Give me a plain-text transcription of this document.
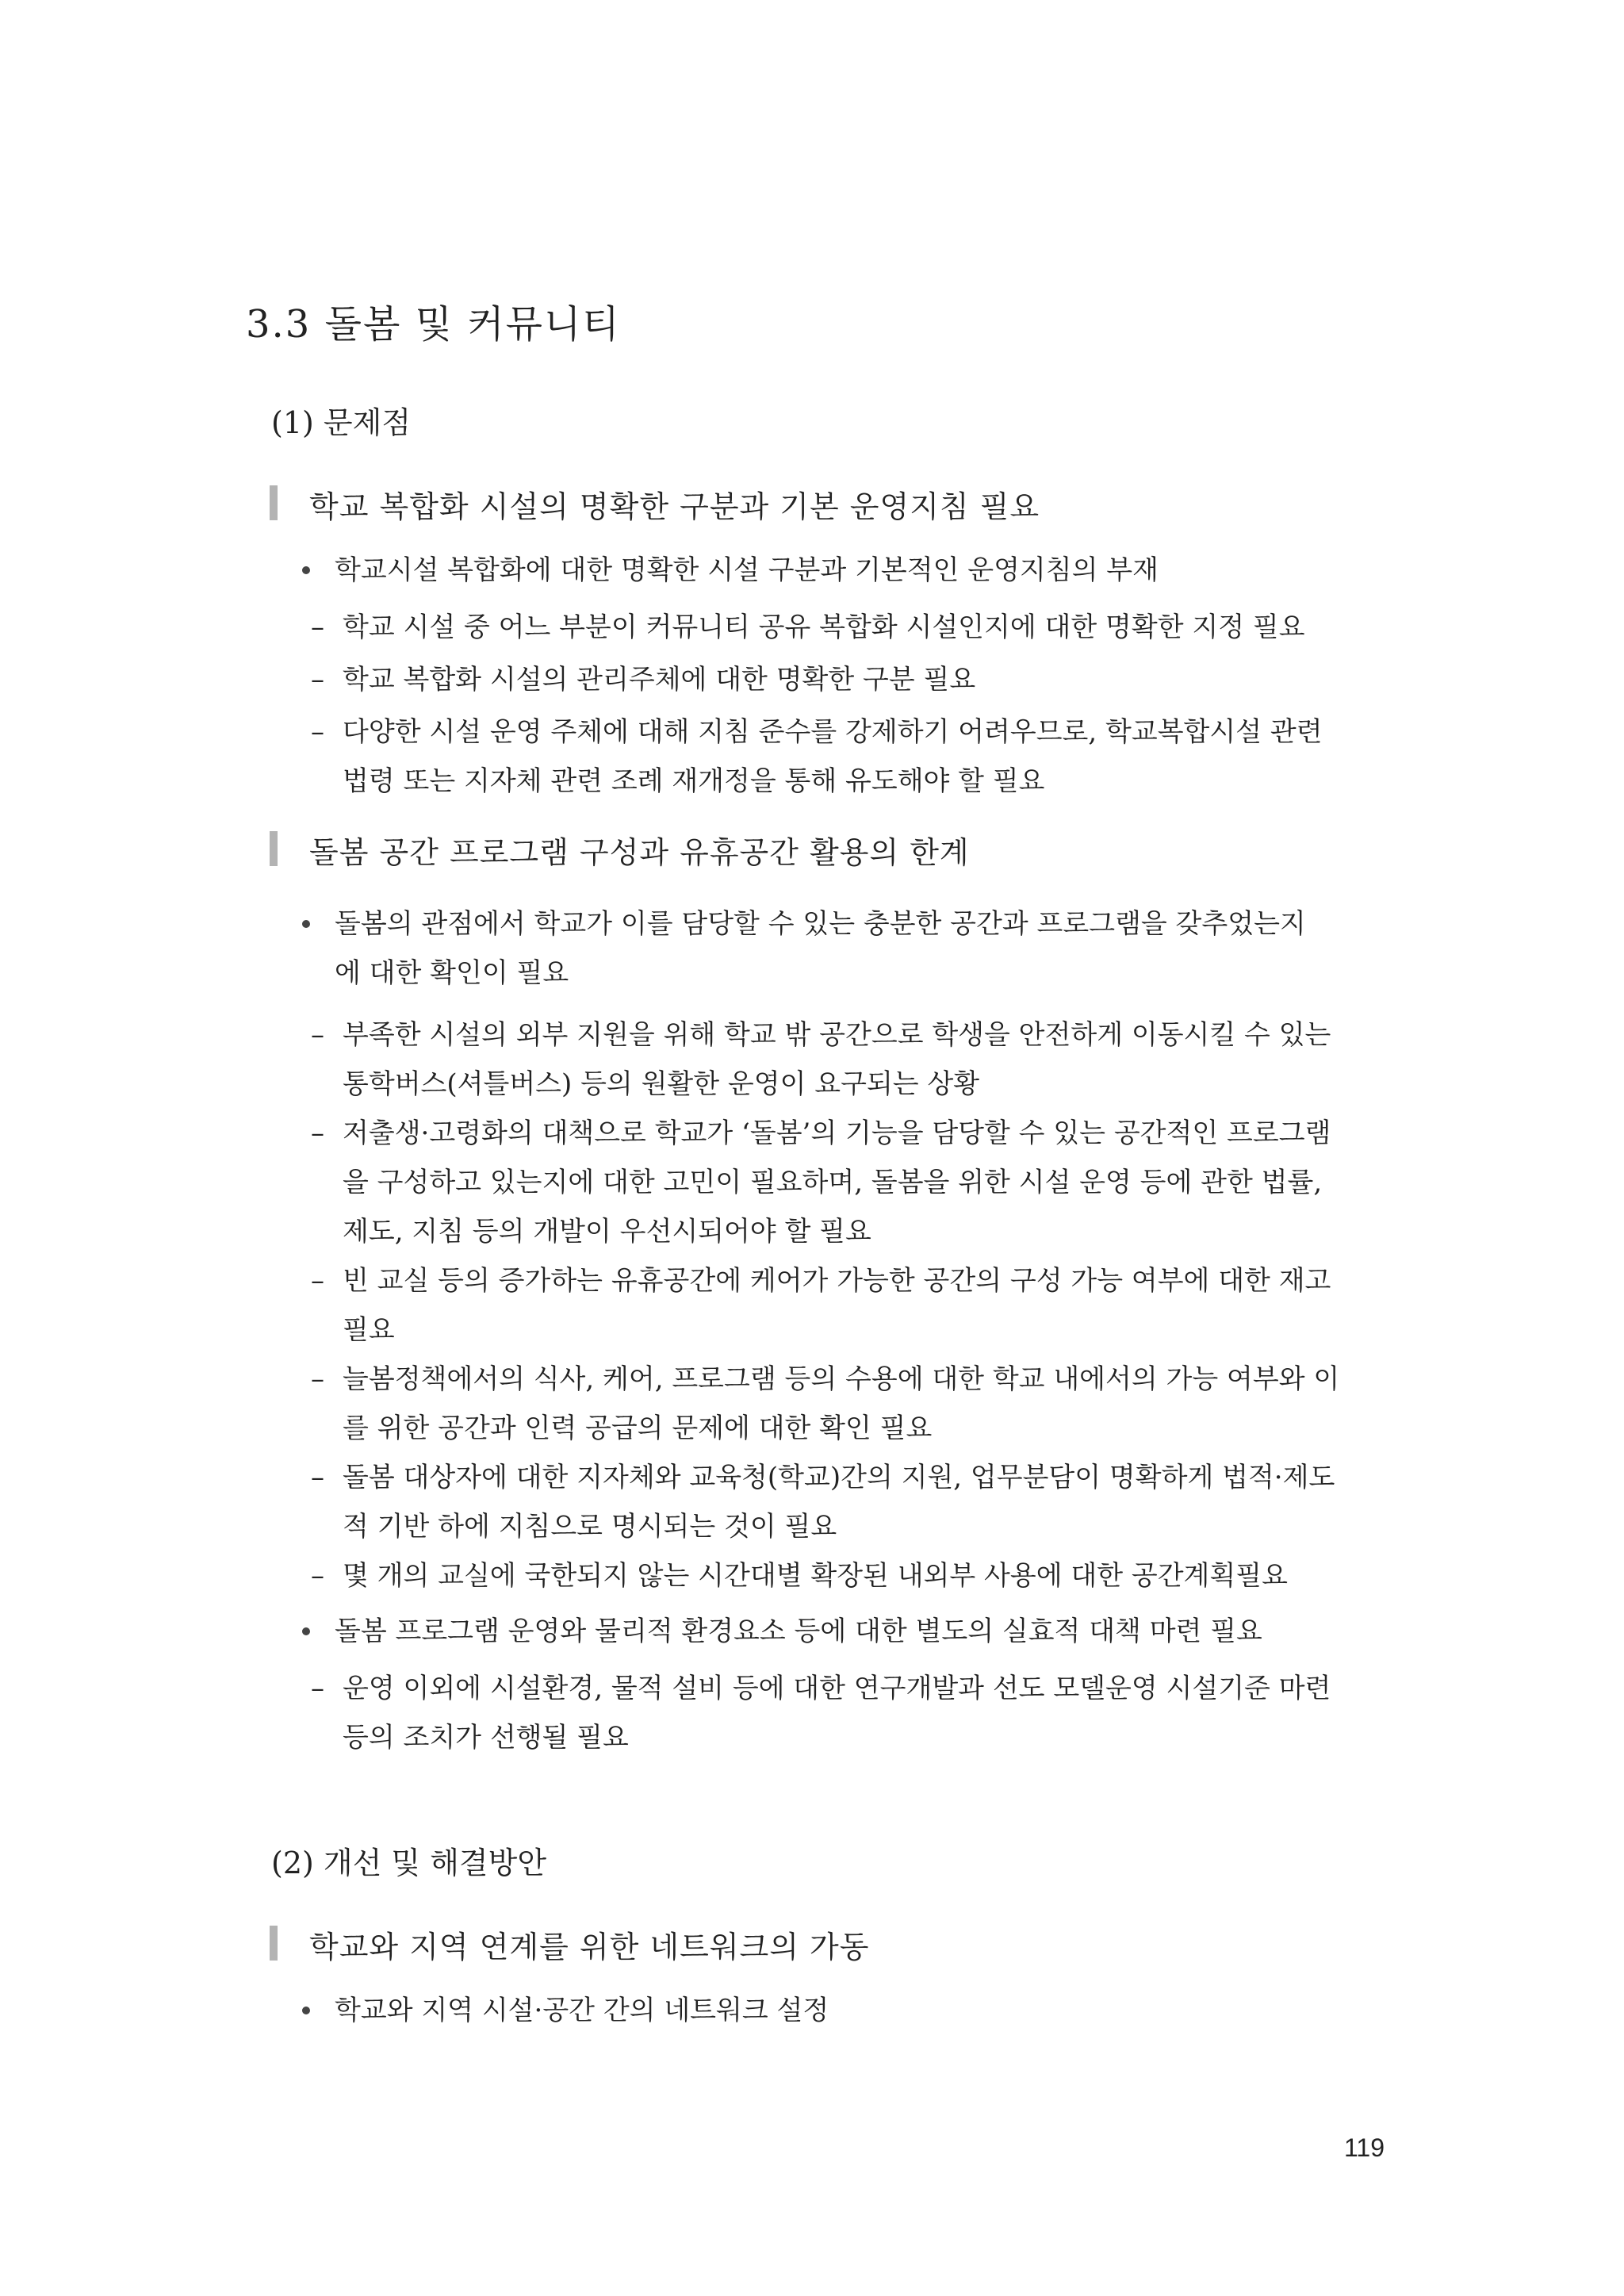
3.3 돌봄 및 커뮤니티
(1) 문제점
학교 복합화 시설의 명확한 구분과 기본 운영지침 필요
학교시설 복합화에 대한 명확한 시설 구분과 기본적인 운영지침의 부재
– 학교 시설 중 어느 부분이 커뮤니티 공유 복합화 시설인지에 대한 명확한 지정 필요
– 학교 복합화 시설의 관리주체에 대한 명확한 구분 필요
– 다양한 시설 운영 주체에 대해 지침 준수를 강제하기 어려우므로, 학교복합시설 관련
법령 또는 지자체 관련 조례 재개정을 통해 유도해야 할 필요
돌봄 공간 프로그램 구성과 유휴공간 활용의 한계
돌봄의 관점에서 학교가 이를 담당할 수 있는 충분한 공간과 프로그램을 갖추었는지
에 대한 확인이 필요
– 부족한 시설의 외부 지원을 위해 학교 밖 공간으로 학생을 안전하게 이동시킬 수 있는
통학버스(셔틀버스) 등의 원활한 운영이 요구되는 상황
– 저출생·고령화의 대책으로 학교가 ‘돌봄’의 기능을 담당할 수 있는 공간적인 프로그램
을 구성하고 있는지에 대한 고민이 필요하며, 돌봄을 위한 시설 운영 등에 관한 법률,
제도, 지침 등의 개발이 우선시되어야 할 필요
– 빈 교실 등의 증가하는 유휴공간에 케어가 가능한 공간의 구성 가능 여부에 대한 재고
필요
– 늘봄정책에서의 식사, 케어, 프로그램 등의 수용에 대한 학교 내에서의 가능 여부와 이
를 위한 공간과 인력 공급의 문제에 대한 확인 필요
– 돌봄 대상자에 대한 지자체와 교육청(학교)간의 지원, 업무분담이 명확하게 법적·제도
적 기반 하에 지침으로 명시되는 것이 필요
– 몇 개의 교실에 국한되지 않는 시간대별 확장된 내외부 사용에 대한 공간계획필요
돌봄 프로그램 운영와 물리적 환경요소 등에 대한 별도의 실효적 대책 마련 필요
– 운영 이외에 시설환경, 물적 설비 등에 대한 연구개발과 선도 모델운영 시설기준 마련
등의 조치가 선행될 필요
(2) 개선 및 해결방안
학교와 지역 연계를 위한 네트워크의 가동
학교와 지역 시설·공간 간의 네트워크 설정
119
